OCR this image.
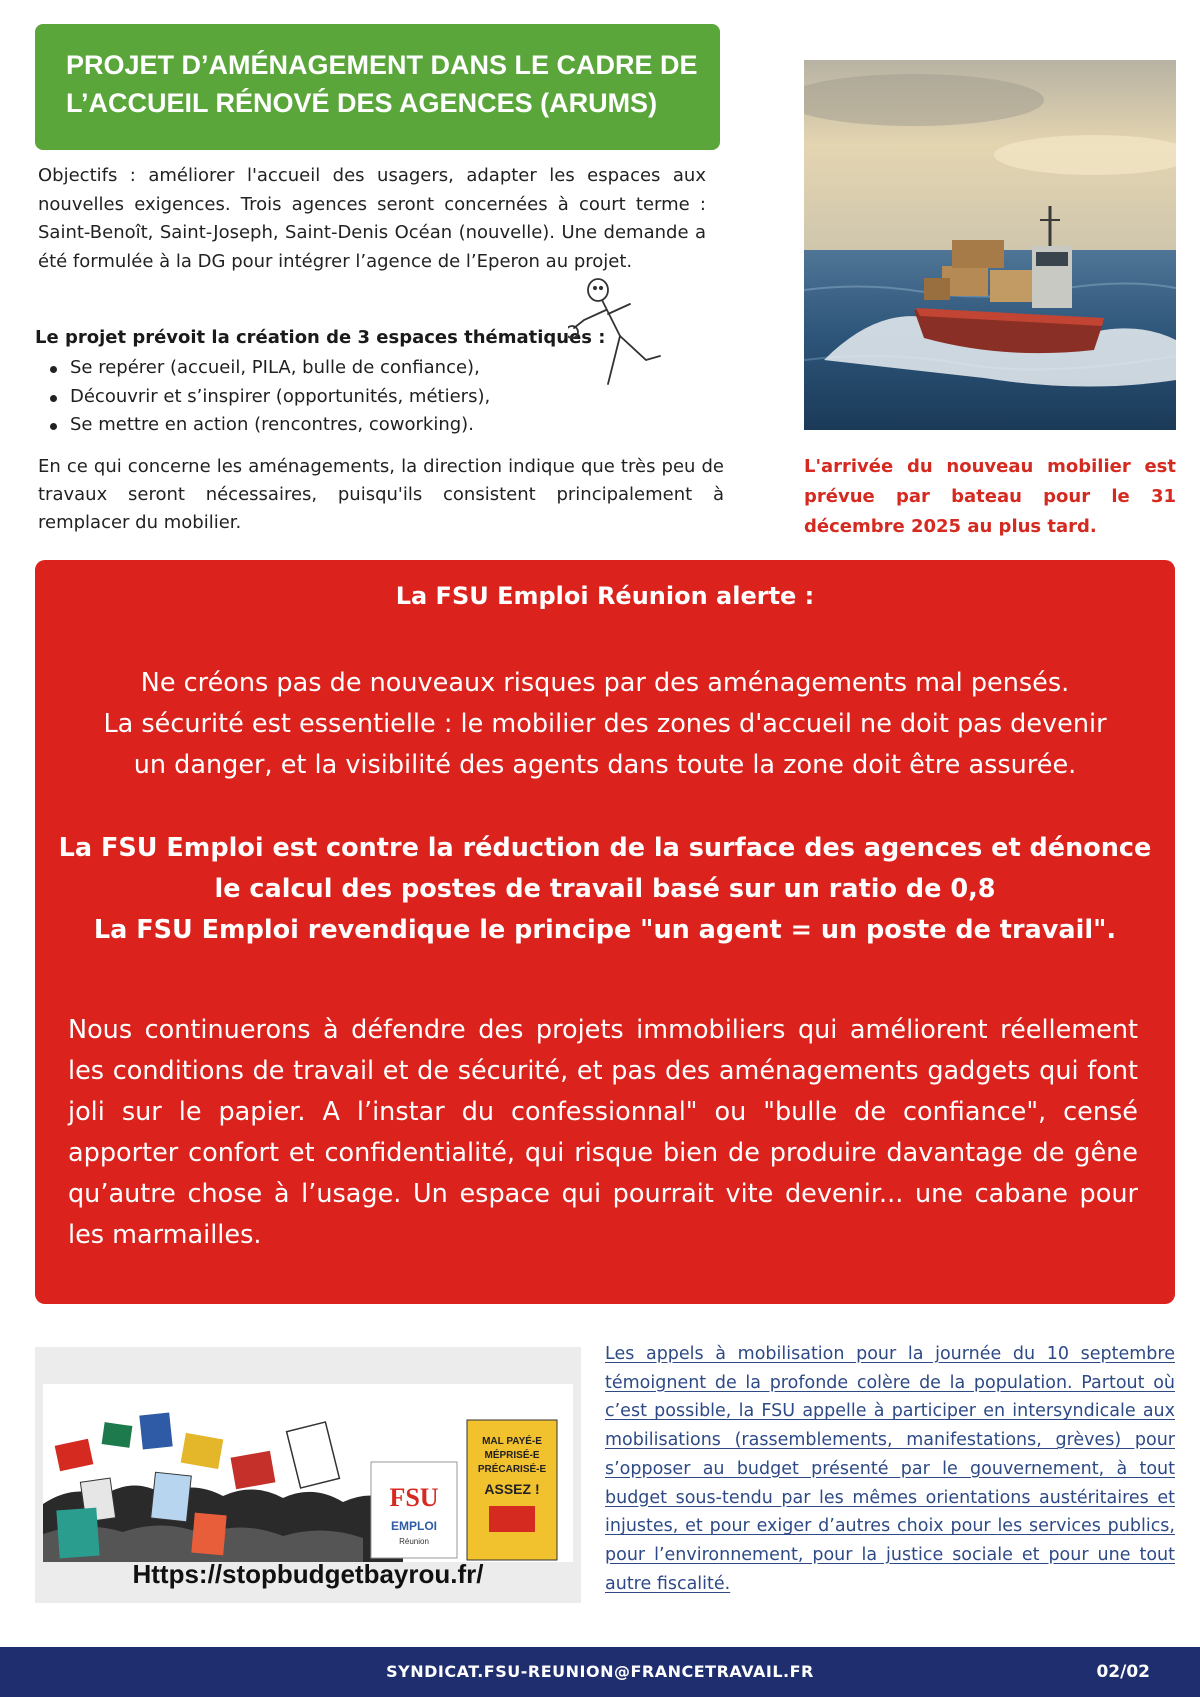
PROJET D’AMÉNAGEMENT DANS LE CADRE DE
L’ACCUEIL RÉNOVÉ DES AGENCES (ARUMS)

Objectifs : améliorer l'accueil des usagers, adapter les espaces aux nouvelles exigences. Trois agences seront concernées à court terme : Saint-Benoît, Saint-Joseph, Saint-Denis Océan (nouvelle). Une demande a été formulée à la DG pour intégrer l’agence de l’Eperon au projet.

Le projet prévoit la création de 3 espaces thématiques :
Se repérer (accueil, PILA, bulle de confiance),
Découvrir et s’inspirer (opportunités, métiers),
Se mettre en action (rencontres, coworking).

En ce qui concerne les aménagements, la direction indique que très peu de travaux seront nécessaires, puisqu'ils consistent principalement à remplacer du mobilier.

L'arrivée du nouveau mobilier est prévue par bateau pour le 31 décembre 2025 au plus tard.

La FSU Emploi Réunion alerte :
Ne créons pas de nouveaux risques par des aménagements mal pensés.
La sécurité est essentielle : le mobilier des zones d'accueil ne doit pas devenir
un danger, et la visibilité des agents dans toute la zone doit être assurée.
La FSU Emploi est contre la réduction de la surface des agences et dénonce
le calcul des postes de travail basé sur un ratio de 0,8
La FSU Emploi revendique le principe "un agent = un poste de travail".

Nous continuerons à défendre des projets immobiliers qui améliorent réellement les conditions de travail et de sécurité, et pas des aménagements gadgets qui font joli sur le papier. A l’instar du confessionnal" ou "bulle de confiance", censé apporter confort et confidentialité, qui risque bien de produire davantage de gêne qu’autre chose à l’usage. Un espace qui pourrait vite devenir... une cabane pour les marmailles.

FSU
EMPLOI
Réunion
MAL PAYÉ-E
MÉPRISÉ-E
PRÉCARISÉ-E
ASSEZ !
Https://stopbudgetbayrou.fr/

Les appels à mobilisation pour la journée du 10 septembre témoignent de la profonde colère de la population. Partout où c’est possible, la FSU appelle à participer en intersyndicale aux mobilisations (rassemblements, manifestations, grèves) pour s’opposer au budget présenté par le gouvernement, à tout budget sous-tendu par les mêmes orientations austéritaires et injustes, et pour exiger d’autres choix pour les services publics, pour l’environnement, pour la justice sociale et pour une tout autre fiscalité.

SYNDICAT.FSU-REUNION@FRANCETRAVAIL.FR	02/02
